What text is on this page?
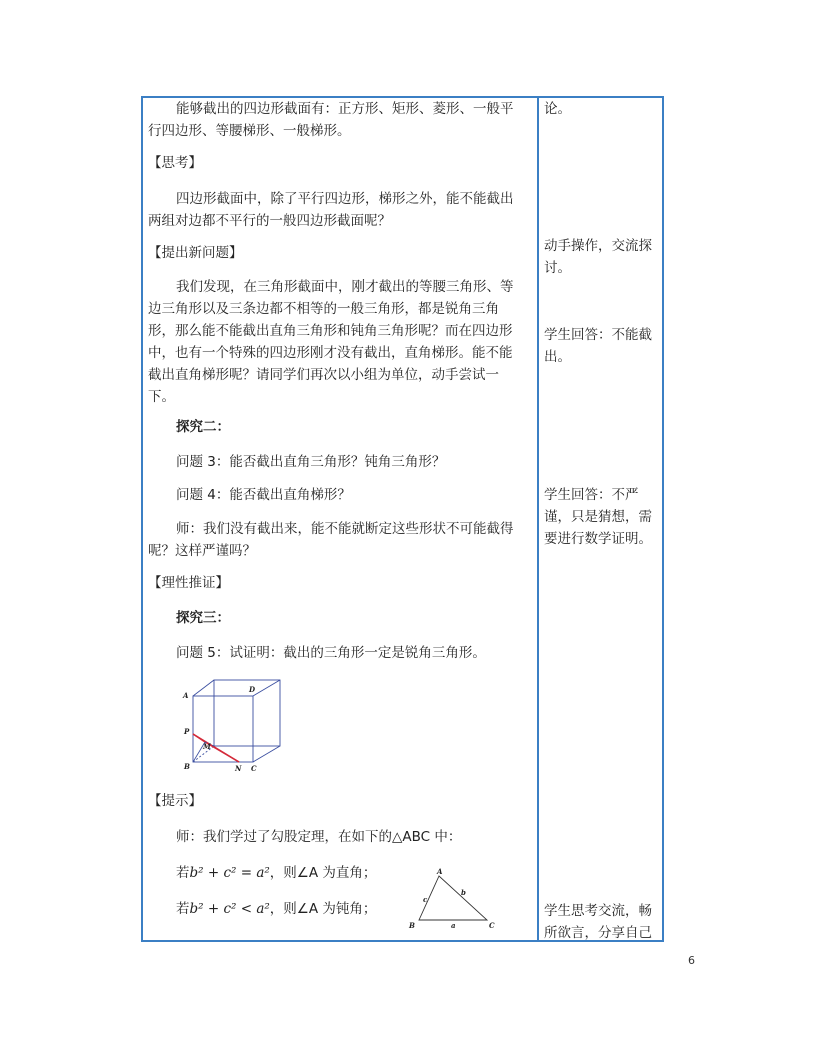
能够截出的四边形截面有：正方形、矩形、菱形、一般平
行四边形、等腰梯形、一般梯形。
【思考】
四边形截面中，除了平行四边形，梯形之外，能不能截出
两组对边都不平行的一般四边形截面呢？
【提出新问题】
我们发现，在三角形截面中，刚才截出的等腰三角形、等
边三角形以及三条边都不相等的一般三角形，都是锐角三角
形，那么能不能截出直角三角形和钝角三角形呢？而在四边形
中，也有一个特殊的四边形刚才没有截出，直角梯形。能不能
截出直角梯形呢？请同学们再次以小组为单位，动手尝试一
下。
探究二：
问题 3：能否截出直角三角形？钝角三角形？
问题 4：能否截出直角梯形？
师：我们没有截出来，能不能就断定这些形状不可能截得
呢？这样严谨吗？
【理性推证】
探究三：
问题 5：试证明：截出的三角形一定是锐角三角形。
A
D
P
M
B	N C
【提示】
师：我们学过了勾股定理，在如下的△ABC 中：
若b² + c² = a²，则∠A 为直角；
若b² + c² < a²，则∠A 为钝角；
A
B	C
a
b
c
论。
动手操作，交流探
讨。
学生回答：不能截
出。
学生回答：不严
谨，只是猜想，需
要进行数学证明。
学生思考交流，畅
所欲言，分享自己
6
